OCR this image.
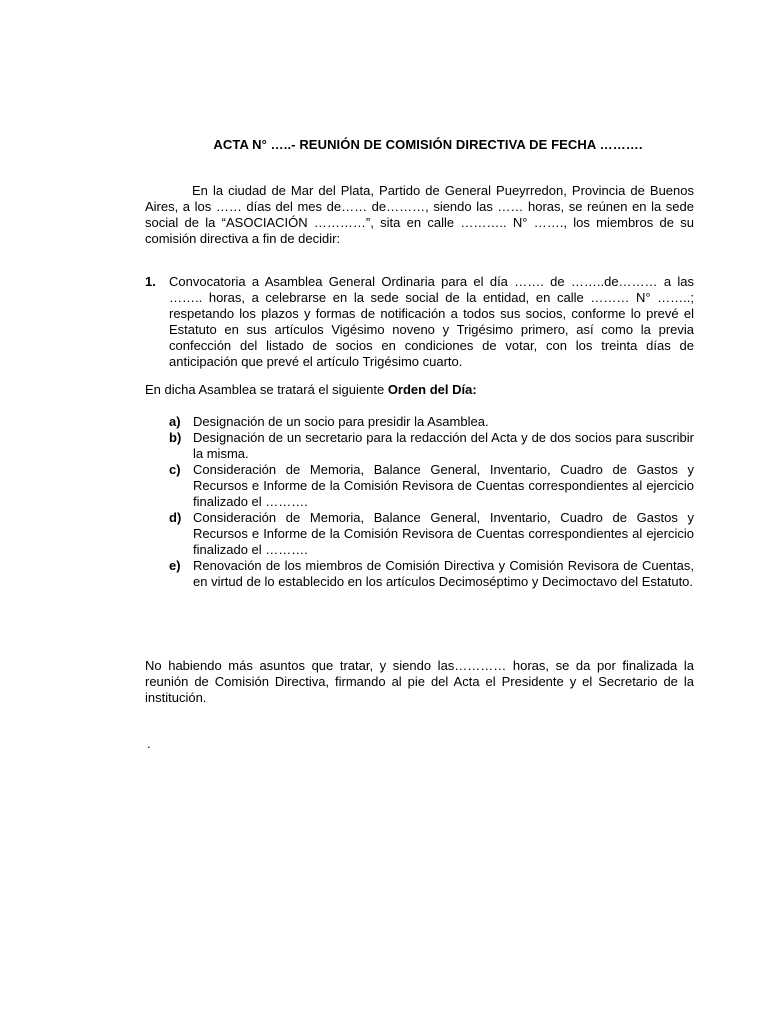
ACTA N° …..- REUNIÓN DE COMISIÓN DIRECTIVA DE FECHA ……….
En la ciudad de Mar del Plata, Partido de General Pueyrredon, Provincia de Buenos Aires, a los …… días del mes de…… de………, siendo las …… horas, se reúnen en la sede social de la “ASOCIACIÓN …………”, sita en calle ……….. N° ……., los miembros de su comisión directiva a fin de decidir:
1. Convocatoria a Asamblea General Ordinaria para el día ……. de ……..de……… a las …….. horas, a celebrarse en la sede social de la entidad, en calle ……… N° ……..; respetando los plazos y formas de notificación a todos sus socios, conforme lo prevé el Estatuto en sus artículos Vigésimo noveno y Trigésimo primero, así como la previa confección del listado de socios en condiciones de votar, con los treinta días de anticipación que prevé el artículo Trigésimo cuarto.
En dicha Asamblea se tratará el siguiente Orden del Día:
a) Designación de un socio para presidir la Asamblea.
b) Designación de un secretario para la redacción del Acta y de dos socios para suscribir la misma.
c) Consideración de Memoria, Balance General, Inventario, Cuadro de Gastos y Recursos e Informe de la Comisión Revisora de Cuentas correspondientes al ejercicio finalizado el ……….
d) Consideración de Memoria, Balance General, Inventario, Cuadro de Gastos y Recursos e Informe de la Comisión Revisora de Cuentas correspondientes al ejercicio finalizado el ……….
e) Renovación de los miembros de Comisión Directiva y Comisión Revisora de Cuentas, en virtud de lo establecido en los artículos Decimoséptimo y Decimoctavo del Estatuto.
No habiendo más asuntos que tratar, y siendo las………… horas, se da por finalizada la reunión de Comisión Directiva, firmando al pie del Acta el Presidente y el Secretario de la institución.
.
